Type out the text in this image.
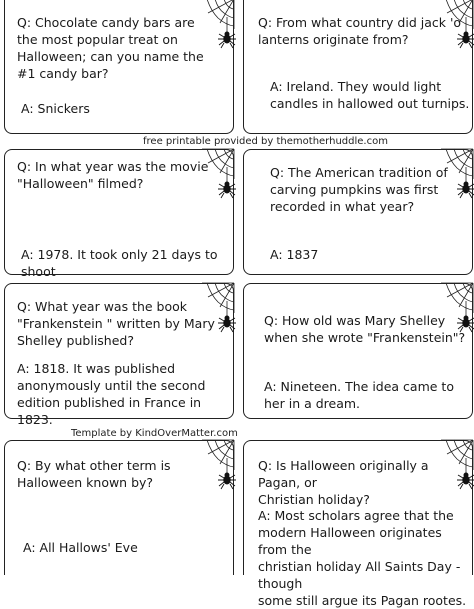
Q: Chocolate candy bars are
the most popular treat on
Halloween; can you name the
#1 candy bar?

A: Snickers

Q: From what country did jack 'o
lanterns originate from?

A: Ireland. They would light
candles in hallowed out turnips.

free printable provided by themotherhuddle.com

Q: In what year was the movie
"Halloween" filmed?

A: 1978. It took only 21 days to shoot

Q: The American tradition of
carving pumpkins was first
recorded in what year?

A: 1837

Q: What year was the book
"Frankenstein " written by Mary
Shelley published?

A: 1818. It was published
anonymously until the second
edition published in France in 1823.

Q: How old was Mary Shelley
when she wrote "Frankenstein"?

A: Nineteen. The idea came to
her in a dream.

Template by KindOverMatter.com

Q: By what other term is
Halloween known by?

A: All Hallows' Eve

Q: Is Halloween originally a Pagan, or
Christian holiday?

A: Most scholars agree that the
modern Halloween originates from the
christian holiday All Saints Day - though
some still argue its Pagan rootes.
